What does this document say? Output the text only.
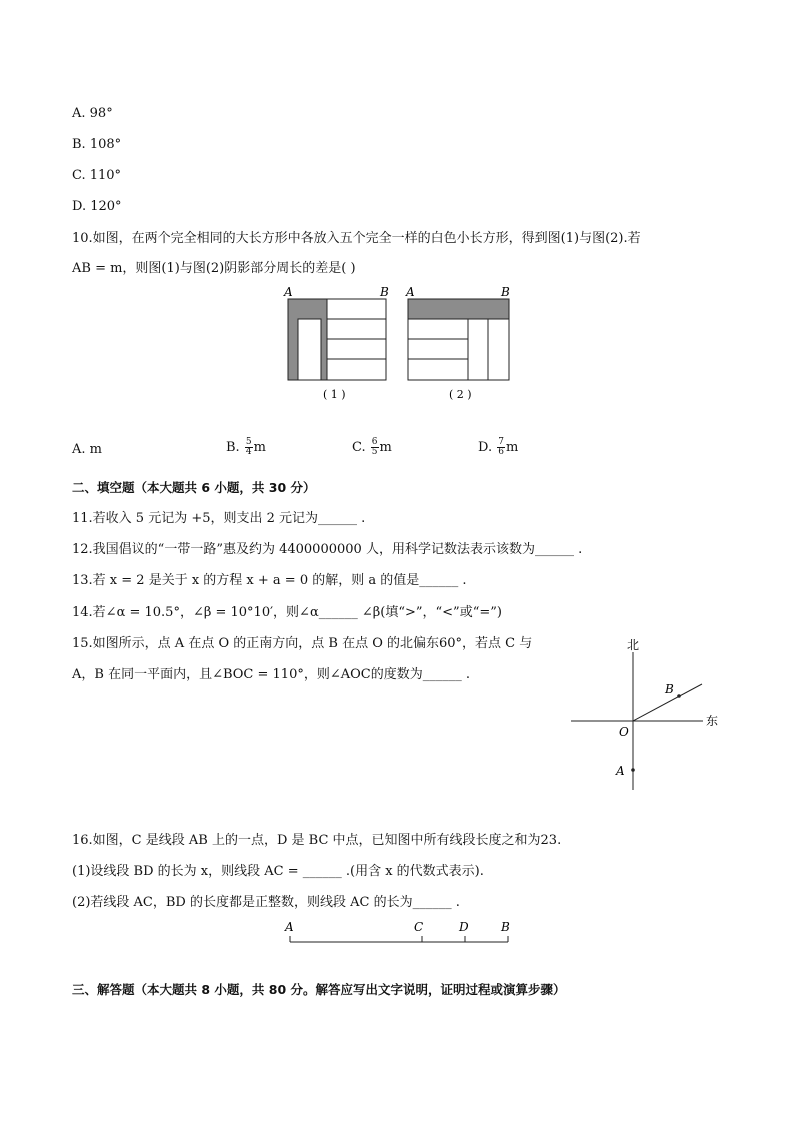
A. 98°
B. 108°
C. 110°
D. 120°
10.如图，在两个完全相同的大长方形中各放入五个完全一样的白色小长方形，得到图(1)与图(2).若
AB = m，则图(1)与图(2)阴影部分周长的差是( )
A	B
( 1 )
A	B
( 2 )
A. m	B. $\frac{5}{4}$ m	C. $\frac{6}{5}$ m	D. $\frac{7}{6}$ m
二、填空题（本大题共 6 小题，共 30 分）
11.若收入 5 元记为 +5，则支出 2 元记为______ .
12.我国倡议的“一带一路”惠及约为 4400000000 人，用科学记数法表示该数为______ .
13.若 x = 2 是关于 x 的方程 x + a = 0 的解，则 a 的值是______ .
14.若∠α = 10.5°，∠β = 10°10′，则∠α______ ∠β(填“>”，“<”或“=”)
15.如图所示，点 A 在点 O 的正南方向，点 B 在点 O 的北偏东60°，若点 C 与
A，B 在同一平面内，且∠BOC = 110°，则∠AOC的度数为______ .
北
东
O
A
B
16.如图，C 是线段 AB 上的一点，D 是 BC 中点，已知图中所有线段长度之和为23.
(1)设线段 BD 的长为 x，则线段 AC = ______ .(用含 x 的代数式表示).
(2)若线段 AC，BD 的长度都是正整数，则线段 AC 的长为______ .
A	C	D	B
三、解答题（本大题共 8 小题，共 80 分。解答应写出文字说明，证明过程或演算步骤）
